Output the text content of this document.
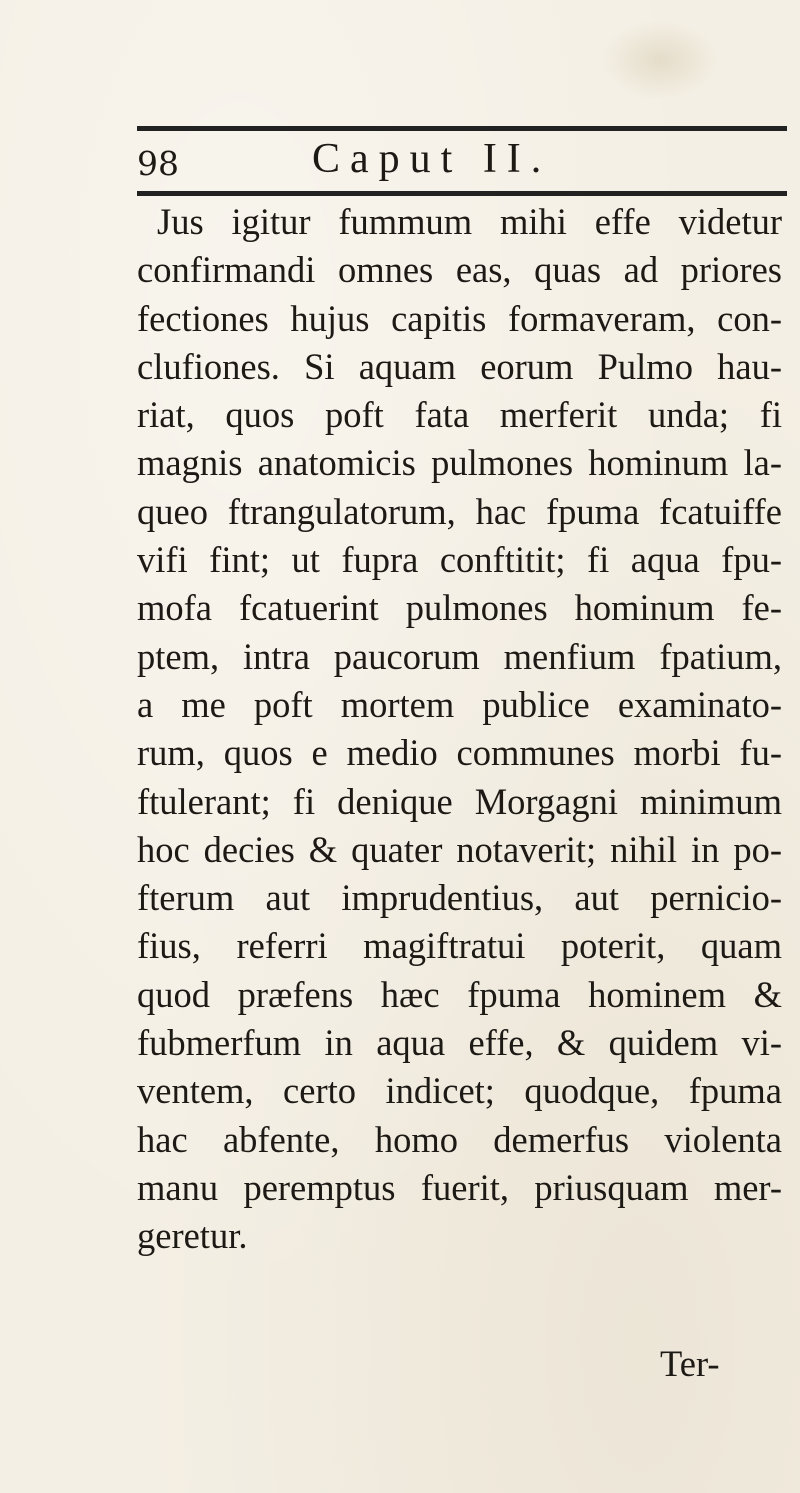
98	Caput II.
Jus igitur fummum mihi effe videtur
confirmandi omnes eas, quas ad priores
fectiones hujus capitis formaveram, con-
clufiones. Si aquam eorum Pulmo hau-
riat, quos poft fata merferit unda; fi
magnis anatomicis pulmones hominum la-
queo ftrangulatorum, hac fpuma fcatuiffe
vifi fint; ut fupra conftitit; fi aqua fpu-
mofa fcatuerint pulmones hominum fe-
ptem, intra paucorum menfium fpatium,
a me poft mortem publice examinato-
rum, quos e medio communes morbi fu-
ftulerant; fi denique Morgagni minimum
hoc decies & quater notaverit; nihil in po-
fterum aut imprudentius, aut pernicio-
fius, referri magiftratui poterit, quam
quod præfens hæc fpuma hominem &
fubmerfum in aqua effe, & quidem vi-
ventem, certo indicet; quodque, fpuma
hac abfente, homo demerfus violenta
manu peremptus fuerit, priusquam mer-
geretur.
Ter-
